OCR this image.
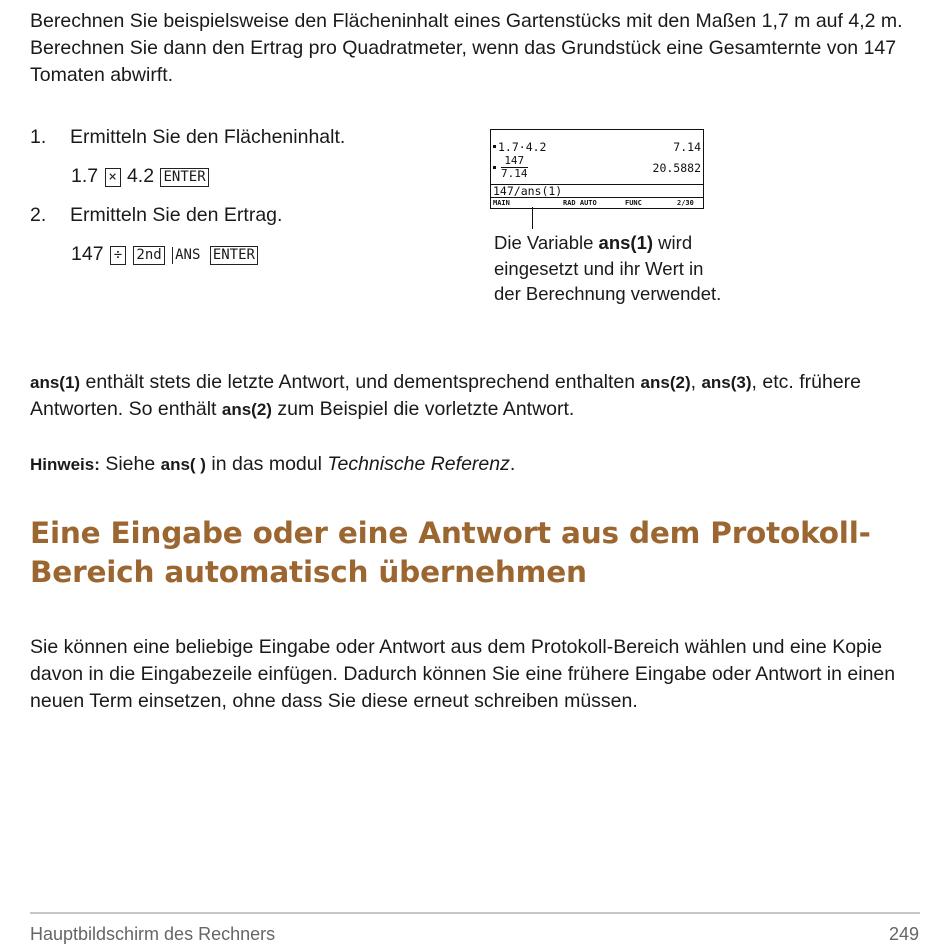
Berechnen Sie beispielsweise den Flächeninhalt eines Gartenstücks mit den Maßen 1,7 m auf 4,2 m. Berechnen Sie dann den Ertrag pro Quadratmeter, wenn das Grundstück eine Gesamternte von 147 Tomaten abwirft.

1. Ermitteln Sie den Flächeninhalt.
1.7 × 4.2 ENTER
2. Ermitteln Sie den Ertrag.
147 ÷ 2nd ANS ENTER
1.7·4.2	7.14
$\frac{147}{7.14}$	20.5882
147/ans(1)
MAIN	RAD AUTO	FUNC	2/30
Die Variable ans(1) wird eingesetzt und ihr Wert in der Berechnung verwendet.

ans(1) enthält stets die letzte Antwort, und dementsprechend enthalten ans(2), ans(3), etc. frühere Antworten. So enthält ans(2) zum Beispiel die vorletzte Antwort.

Hinweis: Siehe ans( ) in das modul Technische Referenz.

Eine Eingabe oder eine Antwort aus dem Protokoll-Bereich automatisch übernehmen

Sie können eine beliebige Eingabe oder Antwort aus dem Protokoll-Bereich wählen und eine Kopie davon in die Eingabezeile einfügen. Dadurch können Sie eine frühere Eingabe oder Antwort in einen neuen Term einsetzen, ohne dass Sie diese erneut schreiben müssen.

Hauptbildschirm des Rechners	249
